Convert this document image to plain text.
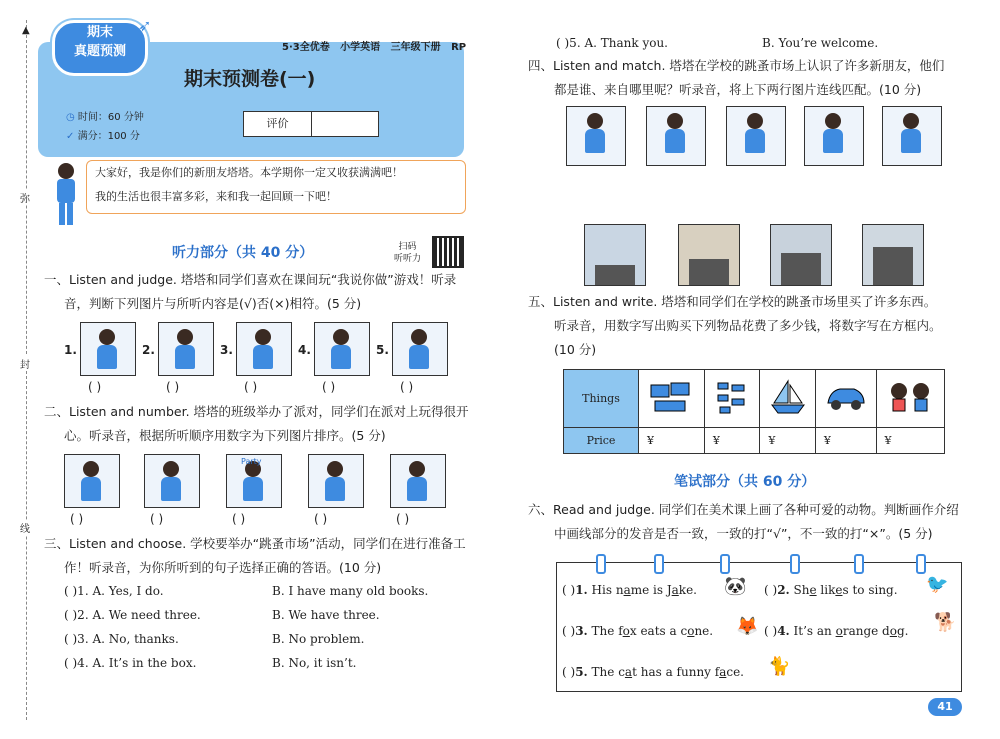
▲
弥
封
线
期末
真题预测
➶
5·3全优卷 小学英语 三年级下册 RP
期末预测卷(一)
◷ 时间：60 分钟
✓ 满分：100 分
评价
大家好，我是你们的新朋友塔塔。本学期你一定又收获满满吧！
我的生活也很丰富多彩，来和我一起回顾一下吧！
听力部分（共 40 分）	扫码
听听力
一、Listen and judge. 塔塔和同学们喜欢在课间玩“我说你做”游戏！听录
音，判断下列图片与所听内容是(√)否(×)相符。(5 分)
1.
( )
2.
( )
3.
( )
4.
( )
5.
( )
二、Listen and number. 塔塔的班级举办了派对，同学们在派对上玩得很开
心。听录音，根据所听顺序用数字为下列图片排序。(5 分)
( )	( )
Party
( )	( )	( )
三、Listen and choose. 学校要举办“跳蚤市场”活动，同学们在进行准备工
作！听录音，为你所听到的句子选择正确的答语。(10 分)
( )1. A. Yes, I do.	B. I have many old books.
( )2. A. We need three.	B. We have three.
( )3. A. No, thanks.	B. No problem.
( )4. A. It’s in the box.	B. No, it isn’t.
( )5. A. Thank you.	B. You’re welcome.
四、Listen and match. 塔塔在学校的跳蚤市场上认识了许多新朋友，他们
都是谁、来自哪里呢？听录音，将上下两行图片连线匹配。(10 分)
五、Listen and write. 塔塔和同学们在学校的跳蚤市场里买了许多东西。
听录音，用数字写出购买下列物品花费了多少钱，将数字写在方框内。
(10 分)
Things					
Price	¥	¥	¥	¥	¥
笔试部分（共 60 分）
六、Read and judge. 同学们在美术课上画了各种可爱的动物。判断画作介绍
中画线部分的发音是否一致，一致的打“√”，不一致的打“×”。(5 分)
( )1. His name is Jake. 🐼 ( )2. She likes to sing. 🐦
( )3. The fox eats a cone. 🦊 ( )4. It’s an orange dog. 🐕
( )5. The cat has a funny face. 🐈
41
